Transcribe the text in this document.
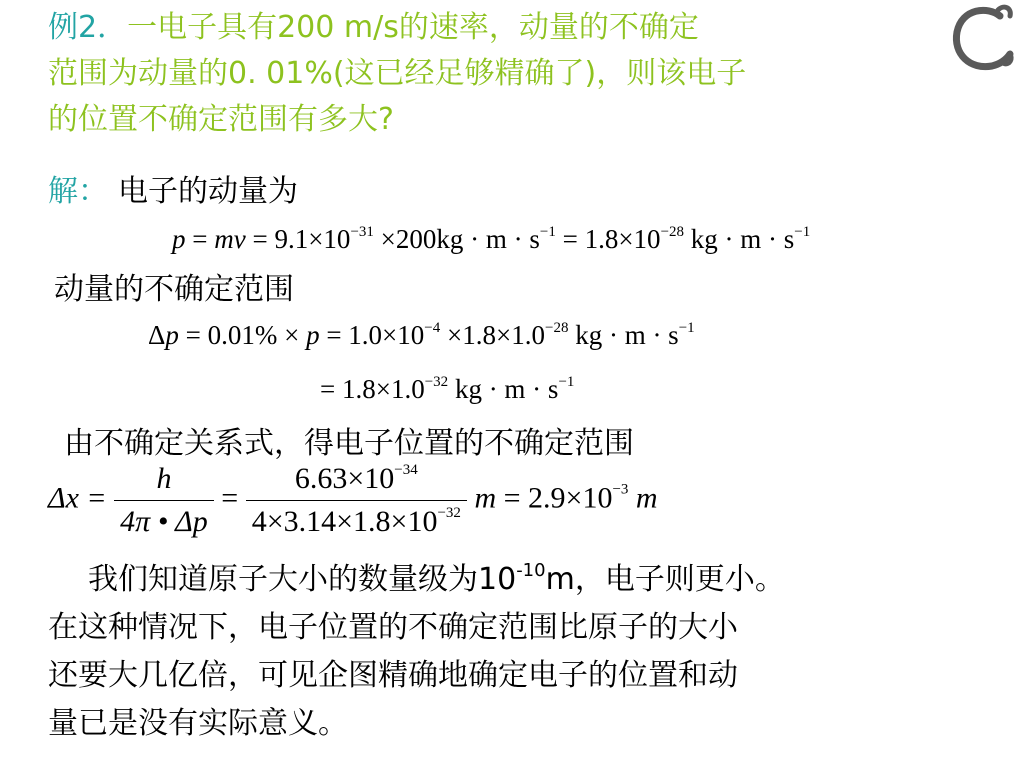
例2．一电子具有200 m/s的速率，动量的不确定
范围为动量的0. 01%(这已经足够精确了)，则该电子
的位置不确定范围有多大?
解： 电子的动量为
p = mv = $9.1\times 10^{-31} \times 200kg \cdot m \cdot s^{-1} = 1.8\times 10^{-28}$ kg · $m \cdot s^{-1}$
动量的不确定范围
$\Delta p = 0.01\% \times p = 1.0\times 10^{-4} \times 1.8\times 1.0^{-28}$ kg · $m \cdot s^{-1}$
= $1.8\times 1.0^{-32}$ kg · $m \cdot s^{-1}$
由不确定关系式，得电子位置的不确定范围
$\Delta x = \frac{h}{4\pi • \Delta p} = \frac{6.63\times 10^{-34}}{4\times 3.14\times 1.8\times 10^{-32}}$ $m = 2.9\times 10^{-3}$ m
我们知道原子大小的数量级为$10^{-10}m$，电子则更小。
在这种情况下，电子位置的不确定范围比原子的大小
还要大几亿倍，可见企图精确地确定电子的位置和动
量已是没有实际意义。
